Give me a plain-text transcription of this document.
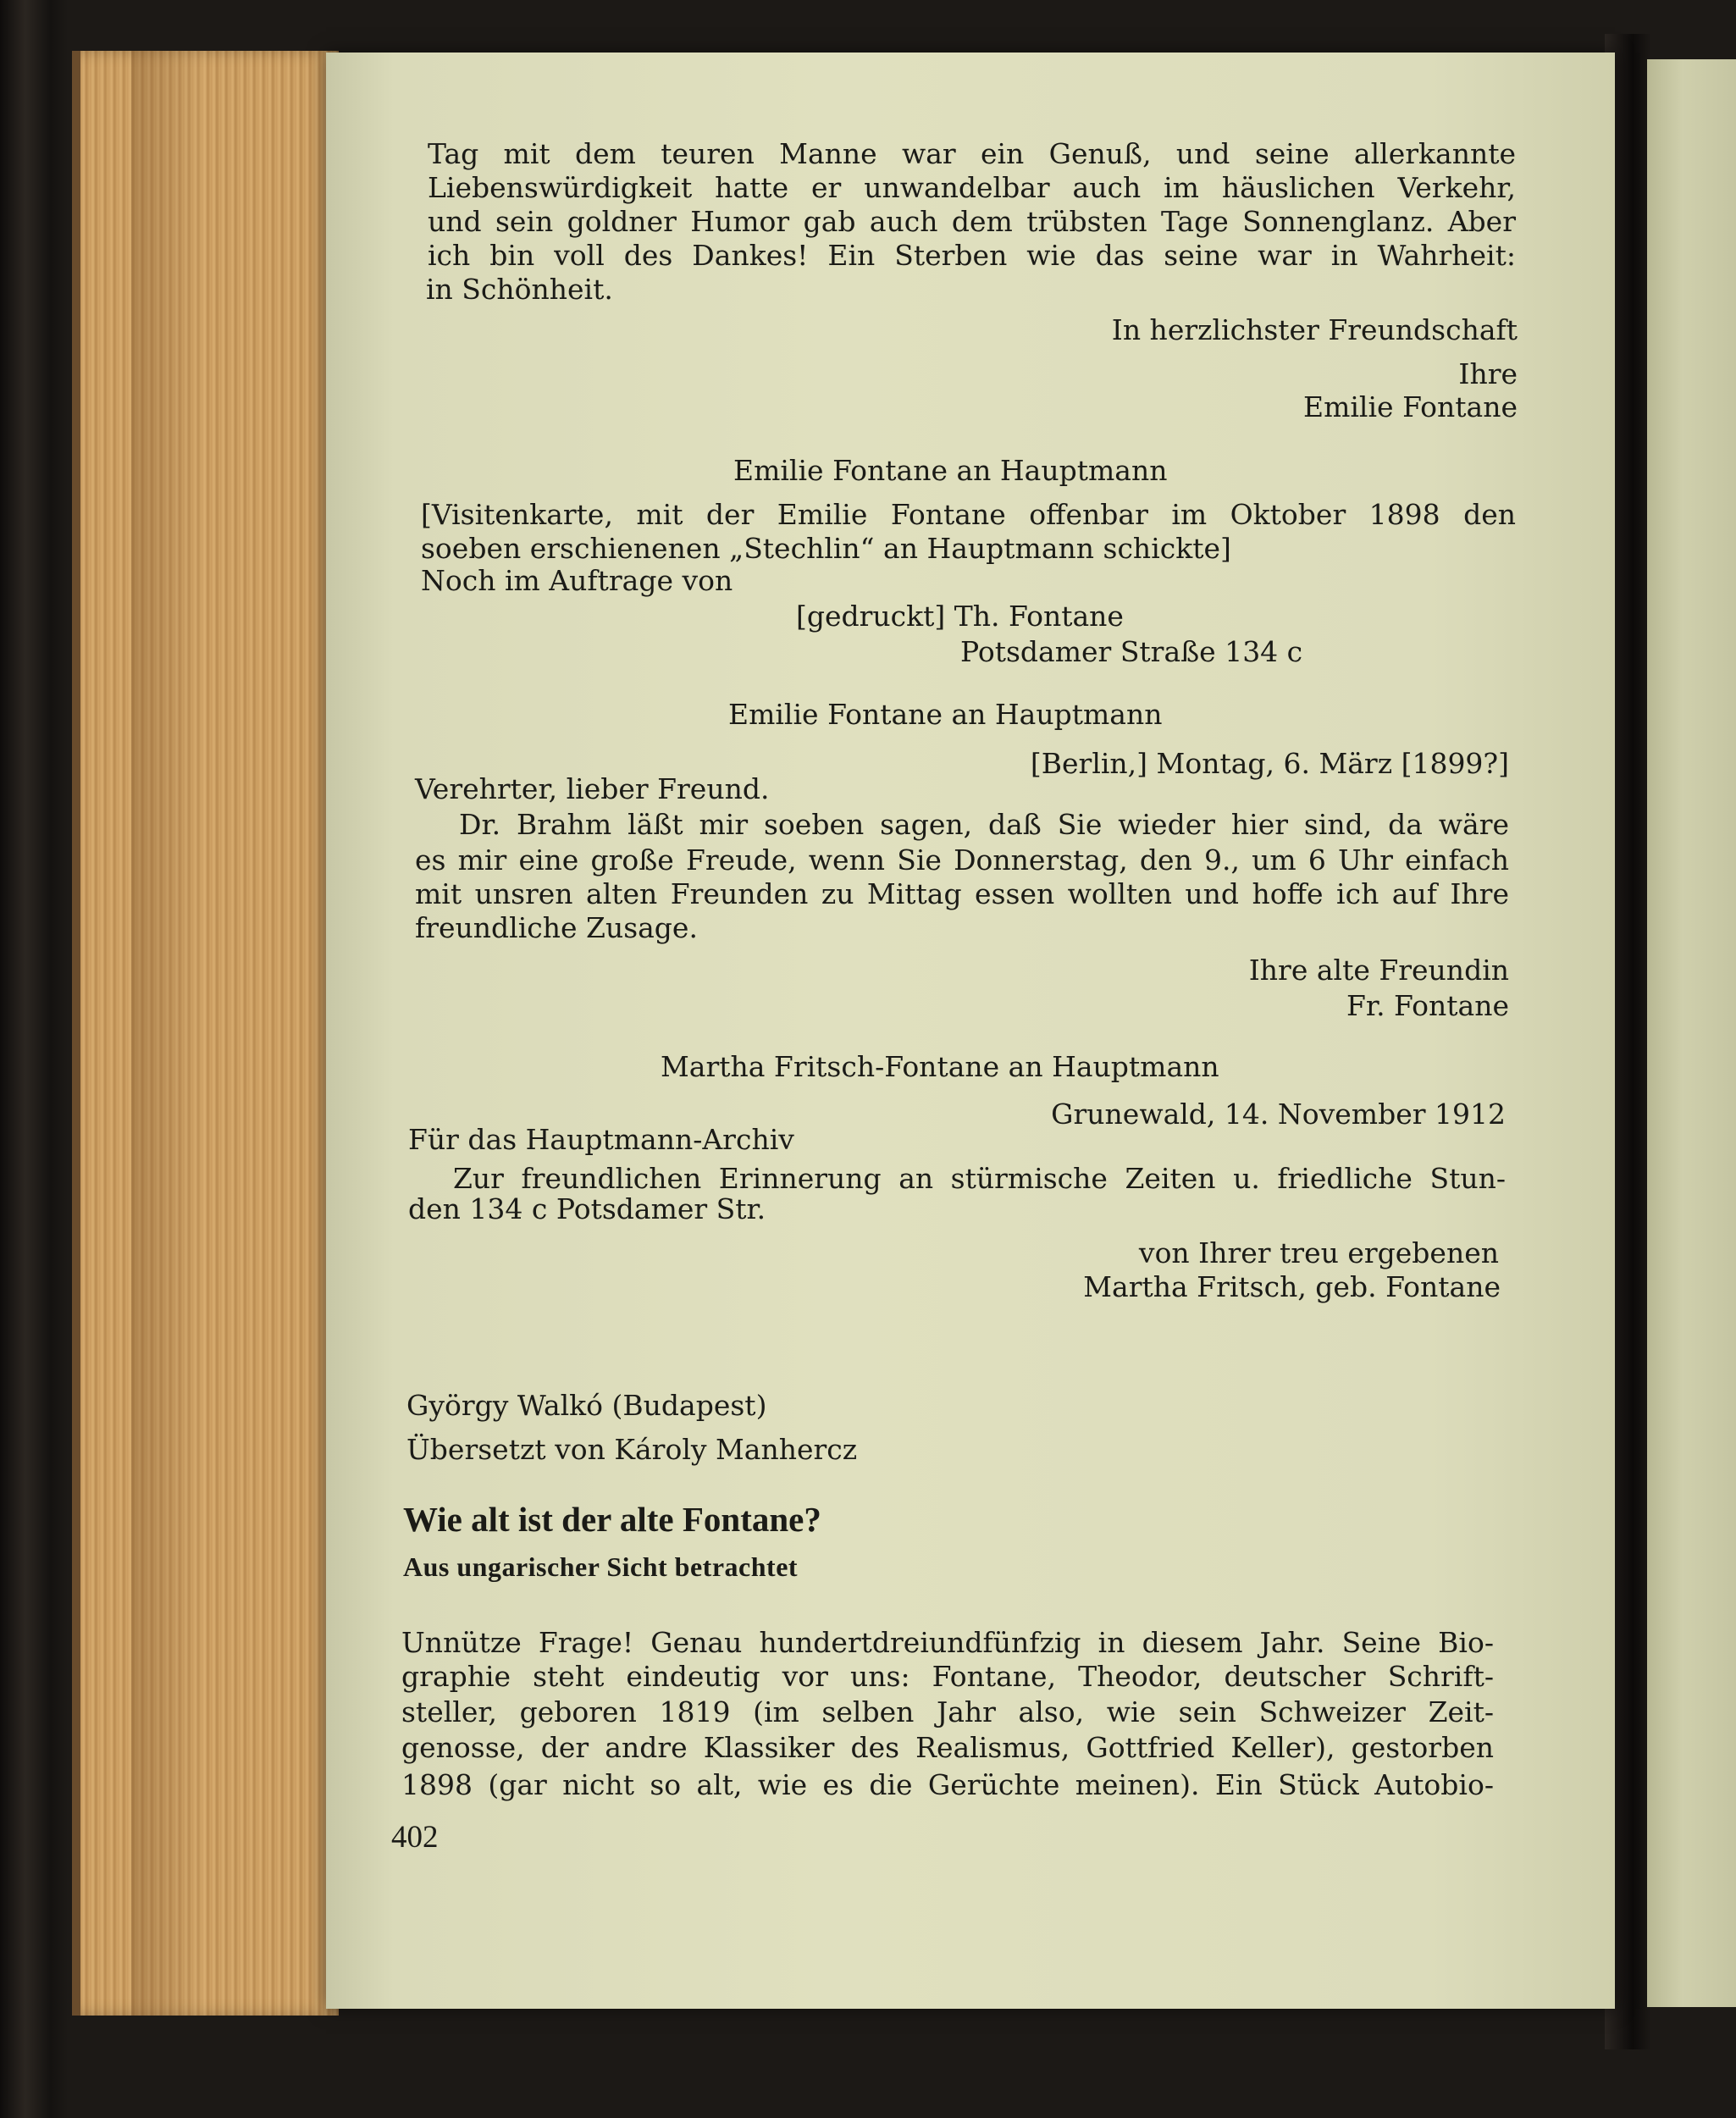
Tag mit dem teuren Manne war ein Genuß, und seine allerkannte
Liebenswürdigkeit hatte er unwandelbar auch im häuslichen Verkehr,
und sein goldner Humor gab auch dem trübsten Tage Sonnenglanz. Aber
ich bin voll des Dankes! Ein Sterben wie das seine war in Wahrheit:
in Schönheit.
In herzlichster Freundschaft
Ihre
Emilie Fontane
Emilie Fontane an Hauptmann
[Visitenkarte, mit der Emilie Fontane offenbar im Oktober 1898 den
soeben erschienenen „Stechlin“ an Hauptmann schickte]
Noch im Auftrage von
[gedruckt] Th. Fontane
Potsdamer Straße 134 c
Emilie Fontane an Hauptmann
[Berlin,] Montag, 6. März [1899?]
Verehrter, lieber Freund.
Dr. Brahm läßt mir soeben sagen, daß Sie wieder hier sind, da wäre
es mir eine große Freude, wenn Sie Donnerstag, den 9., um 6 Uhr einfach
mit unsren alten Freunden zu Mittag essen wollten und hoffe ich auf Ihre
freundliche Zusage.
Ihre alte Freundin
Fr. Fontane
Martha Fritsch-Fontane an Hauptmann
Grunewald, 14. November 1912
Für das Hauptmann-Archiv
Zur freundlichen Erinnerung an stürmische Zeiten u. friedliche Stun-
den 134 c Potsdamer Str.
von Ihrer treu ergebenen
Martha Fritsch, geb. Fontane
György Walkó (Budapest)
Übersetzt von Károly Manhercz
Wie alt ist der alte Fontane?
Aus ungarischer Sicht betrachtet
Unnütze Frage! Genau hundertdreiundfünfzig in diesem Jahr. Seine Bio-
graphie steht eindeutig vor uns: Fontane, Theodor, deutscher Schrift-
steller, geboren 1819 (im selben Jahr also, wie sein Schweizer Zeit-
genosse, der andre Klassiker des Realismus, Gottfried Keller), gestorben
1898 (gar nicht so alt, wie es die Gerüchte meinen). Ein Stück Autobio-
402
